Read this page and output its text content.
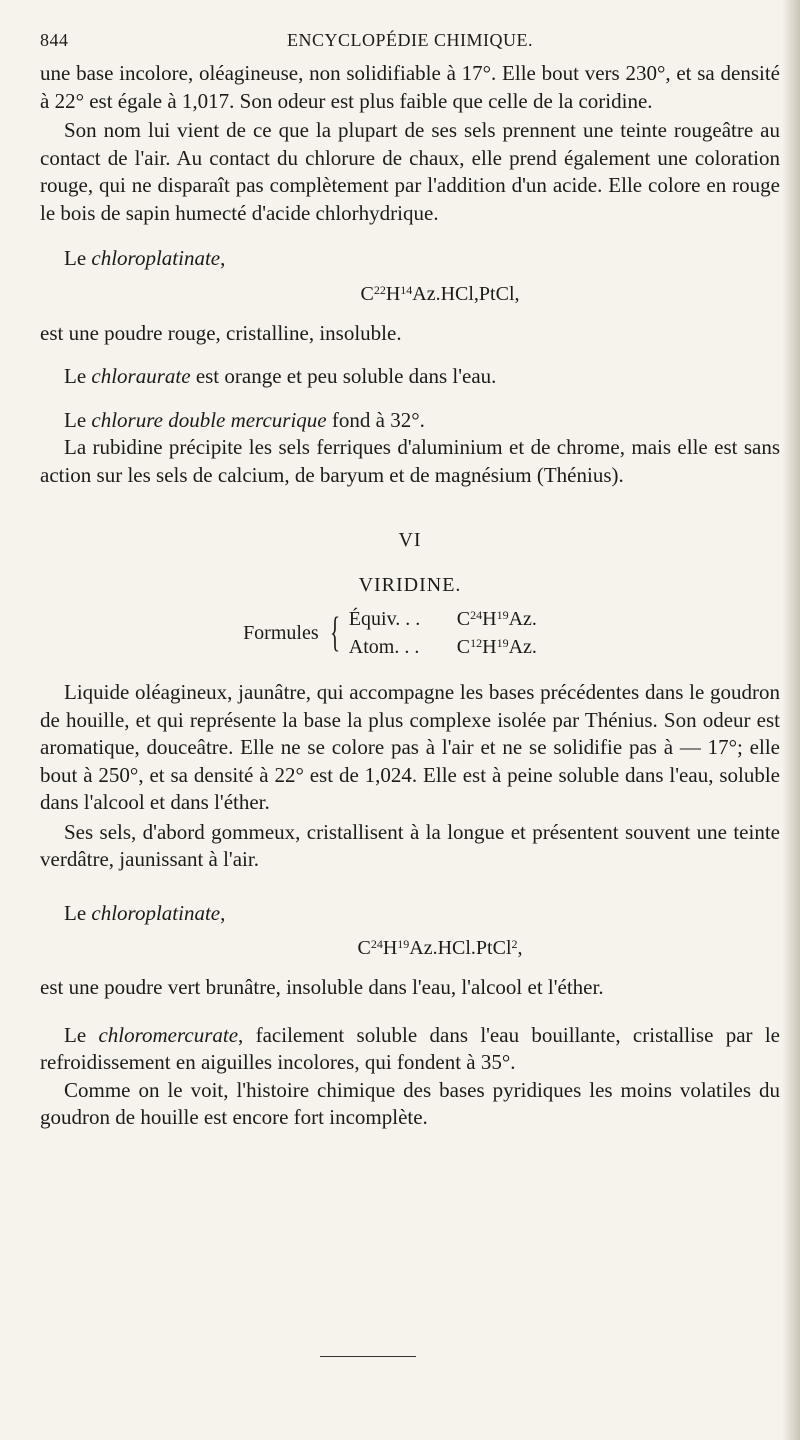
844	ENCYCLOPÉDIE CHIMIQUE.

une base incolore, oléagineuse, non solidifiable à 17°. Elle bout vers 230°, et sa densité à 22° est égale à 1,017. Son odeur est plus faible que celle de la coridine.

Son nom lui vient de ce que la plupart de ses sels prennent une teinte rougeâtre au contact de l'air. Au contact du chlorure de chaux, elle prend également une coloration rouge, qui ne disparaît pas complètement par l'addition d'un acide. Elle colore en rouge le bois de sapin humecté d'acide chlorhydrique.

Le chloroplatinate,

$C^{22}H^{14}Az.HCl,PtCl$,

est une poudre rouge, cristalline, insoluble.

Le chloraurate est orange et peu soluble dans l'eau.

Le chlorure double mercurique fond à 32°.

La rubidine précipite les sels ferriques d'aluminium et de chrome, mais elle est sans action sur les sels de calcium, de baryum et de magnésium (Thénius).

VI
VIRIDINE.
Formules { Équiv. . .	$C^{24}H^{19}Az$.
Atom. . .	$C^{12}H^{19}Az$.

Liquide oléagineux, jaunâtre, qui accompagne les bases précédentes dans le goudron de houille, et qui représente la base la plus complexe isolée par Thénius. Son odeur est aromatique, douceâtre. Elle ne se colore pas à l'air et ne se solidifie pas à — 17°; elle bout à 250°, et sa densité à 22° est de 1,024. Elle est à peine soluble dans l'eau, soluble dans l'alcool et dans l'éther.

Ses sels, d'abord gommeux, cristallisent à la longue et présentent souvent une teinte verdâtre, jaunissant à l'air.

Le chloroplatinate,

$C^{24}H^{19}Az.HCl.PtCl^2$,

est une poudre vert brunâtre, insoluble dans l'eau, l'alcool et l'éther.

Le chloromercurate, facilement soluble dans l'eau bouillante, cristallise par le refroidissement en aiguilles incolores, qui fondent à 35°.

Comme on le voit, l'histoire chimique des bases pyridiques les moins volatiles du goudron de houille est encore fort incomplète.
